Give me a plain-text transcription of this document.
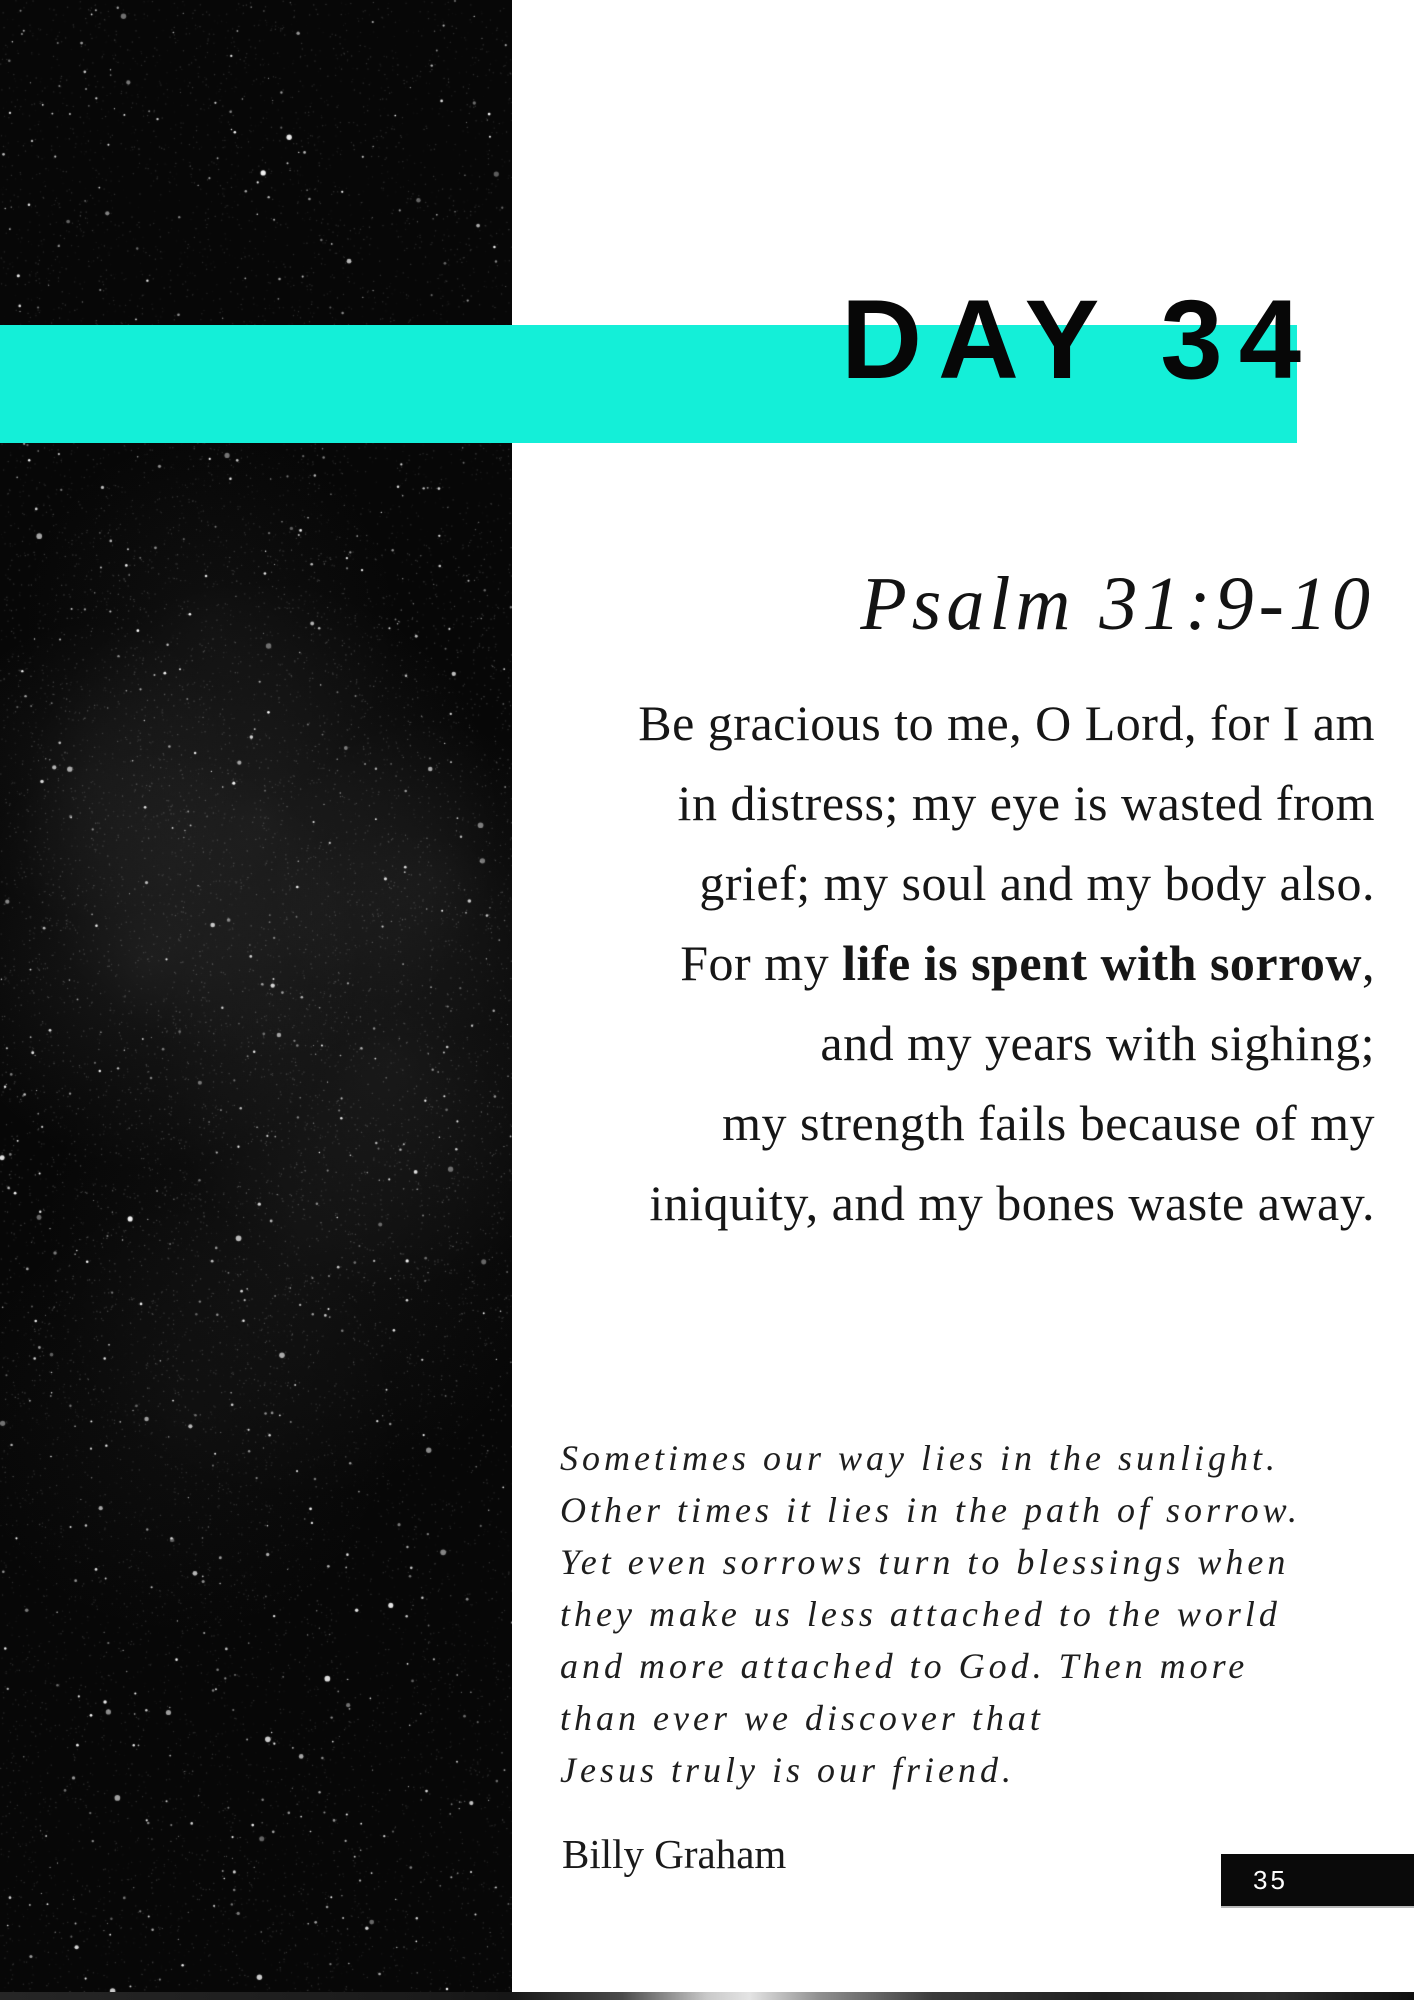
DAY 34
Psalm 31:9-10
Be gracious to me, O Lord, for I am
in distress; my eye is wasted from
grief; my soul and my body also.
For my life is spent with sorrow,
and my years with sighing;
my strength fails because of my
iniquity, and my bones waste away.
Sometimes our way lies in the sunlight.
Other times it lies in the path of sorrow.
Yet even sorrows turn to blessings when
they make us less attached to the world
and more attached to God. Then more
than ever we discover that
Jesus truly is our friend.
Billy Graham
35
